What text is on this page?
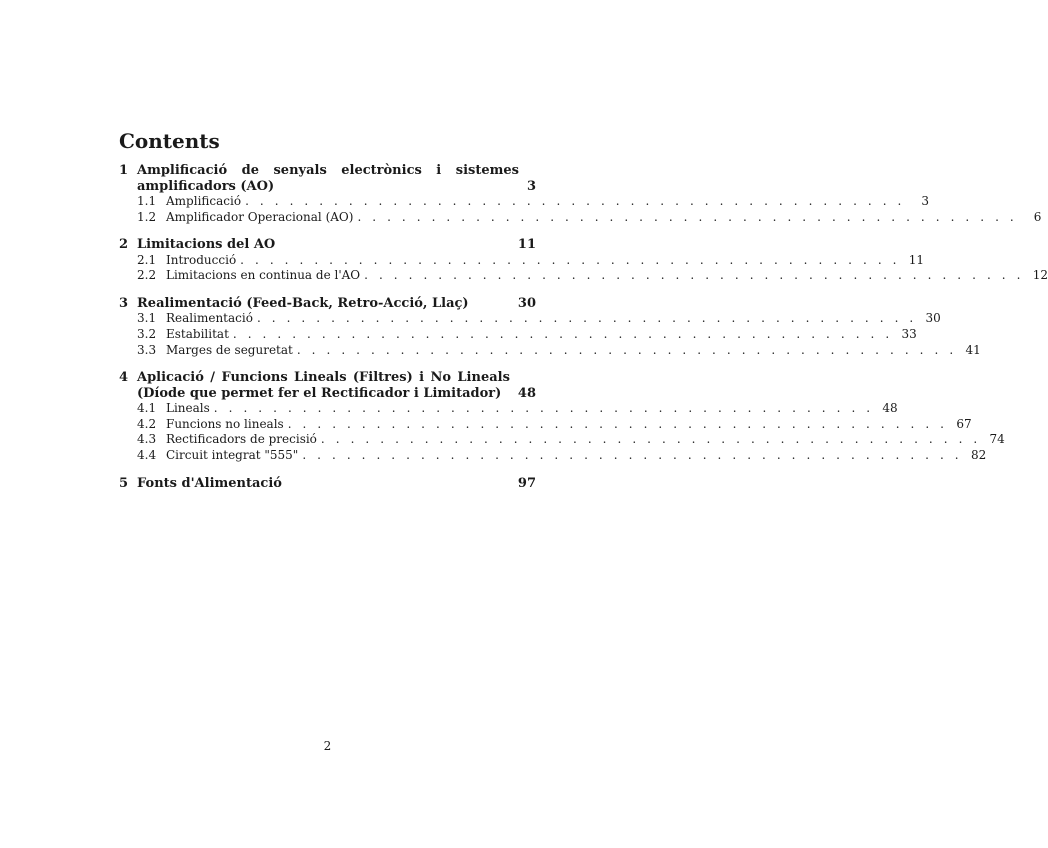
Contents
1 Amplificació de senyals electrònics i sistemes amplificadors (AO)	3
1.1 Amplificació . . . . . . . . . . . . . . . . . . . . . . . . . . . . . . . . . . . . . . . . . . . . .	3
1.2 Amplificador Operacional (AO) . . . . . . . . . . . . . . . . . . . . . . . . . . . . . . . . . . . . . . . . . . . . .	6
2 Limitacions del AO	11
2.1 Introducció . . . . . . . . . . . . . . . . . . . . . . . . . . . . . . . . . . . . . . . . . . . . . 11
2.2 Limitacions en continua de l'AO . . . . . . . . . . . . . . . . . . . . . . . . . . . . . . . . . . . . . . . . . . . . . 12
3 Realimentació (Feed-Back, Retro-Acció, Llaç)	30
3.1 Realimentació . . . . . . . . . . . . . . . . . . . . . . . . . . . . . . . . . . . . . . . . . . . . . 30
3.2 Estabilitat . . . . . . . . . . . . . . . . . . . . . . . . . . . . . . . . . . . . . . . . . . . . . 33
3.3 Marges de seguretat . . . . . . . . . . . . . . . . . . . . . . . . . . . . . . . . . . . . . . . . . . . . . 41
4 Aplicació / Funcions Lineals (Filtres) i No Lineals (Díode que permet fer el Rectificador i Limitador)	48
4.1 Lineals . . . . . . . . . . . . . . . . . . . . . . . . . . . . . . . . . . . . . . . . . . . . . 48
4.2 Funcions no lineals . . . . . . . . . . . . . . . . . . . . . . . . . . . . . . . . . . . . . . . . . . . . . 67
4.3 Rectificadors de precisió . . . . . . . . . . . . . . . . . . . . . . . . . . . . . . . . . . . . . . . . . . . . . 74
4.4 Circuit integrat "555" . . . . . . . . . . . . . . . . . . . . . . . . . . . . . . . . . . . . . . . . . . . . . 82
5 Fonts d'Alimentació	97
2
